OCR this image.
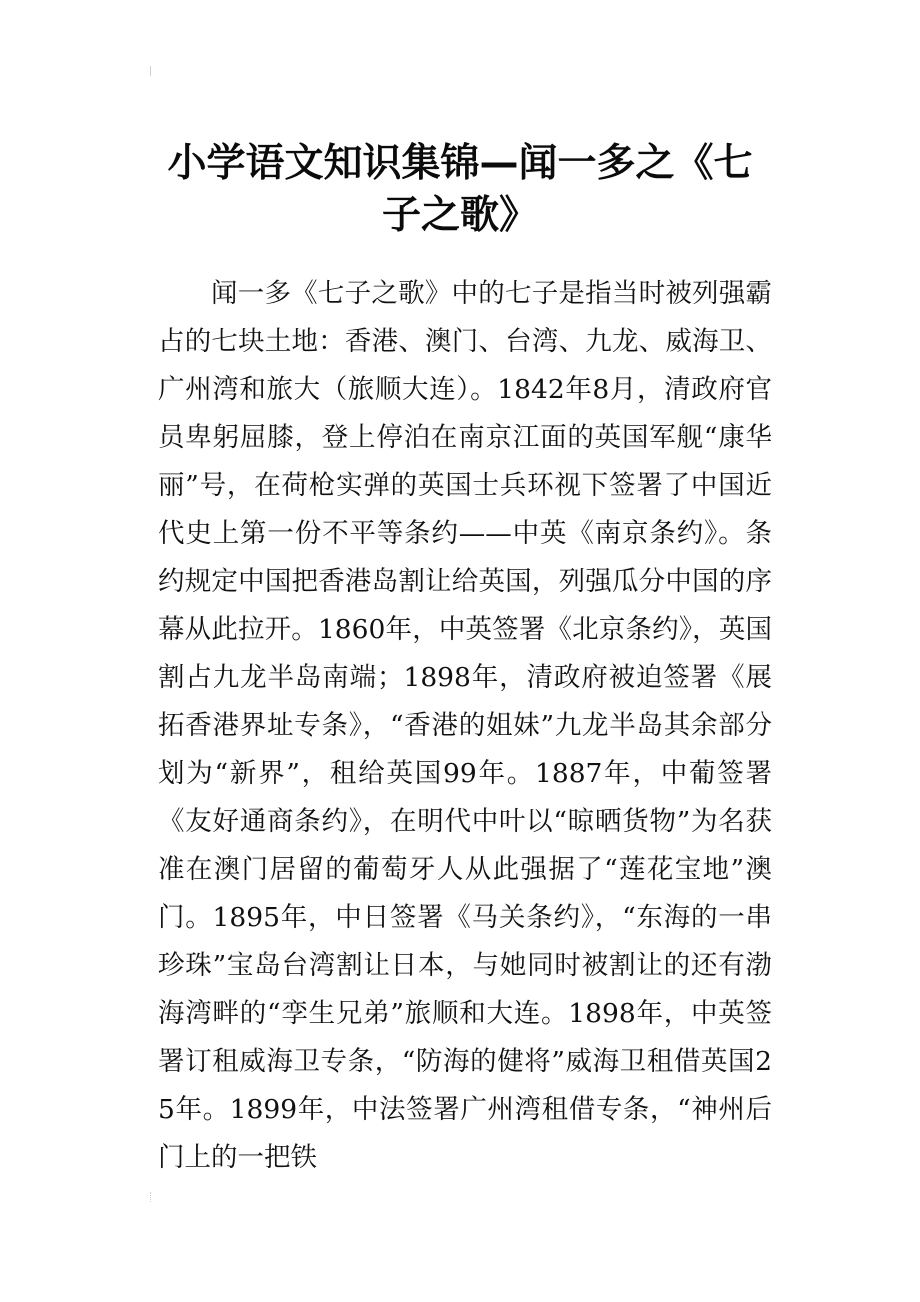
小学语文知识集锦—闻一多之《七子之歌》

闻一多《七子之歌》中的七子是指当时被列强霸占的七块土地：香港、澳门、台湾、九龙、威海卫、广州湾和旅大（旅顺大连）。1842年8月，清政府官员卑躬屈膝，登上停泊在南京江面的英国军舰“康华丽”号，在荷枪实弹的英国士兵环视下签署了中国近代史上第一份不平等条约——中英《南京条约》。条约规定中国把香港岛割让给英国，列强瓜分中国的序幕从此拉开。1860年，中英签署《北京条约》，英国割占九龙半岛南端；1898年，清政府被迫签署《展拓香港界址专条》，“香港的姐妹”九龙半岛其余部分划为“新界”，租给英国99年。1887年，中葡签署《友好通商条约》，在明代中叶以“晾晒货物”为名获准在澳门居留的葡萄牙人从此强据了“莲花宝地”澳门。1895年，中日签署《马关条约》，“东海的一串珍珠”宝岛台湾割让日本，与她同时被割让的还有渤海湾畔的“孪生兄弟”旅顺和大连。1898年，中英签署订租威海卫专条，“防海的健将”威海卫租借英国25年。1899年，中法签署广州湾租借专条，“神州后门上的一把铁
